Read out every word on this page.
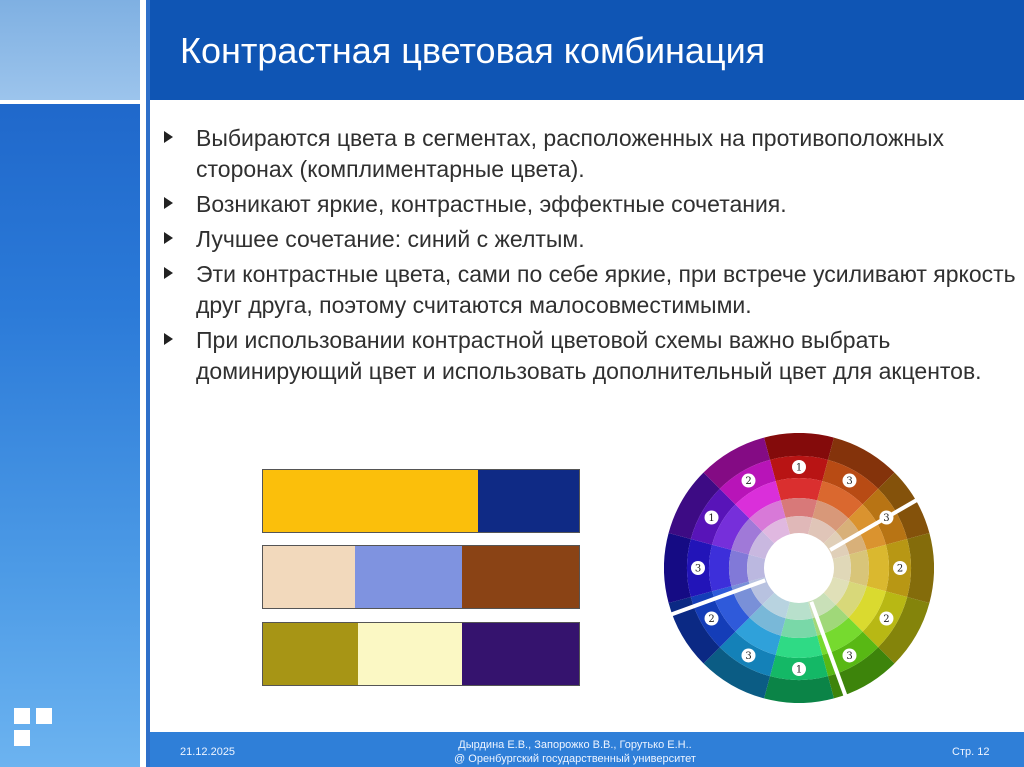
Контрастная цветовая комбинация
Выбираются цвета в сегментах, расположенных на противоположных сторонах (комплиментарные цвета).
Возникают яркие, контрастные, эффектные сочетания.
Лучшее сочетание: синий с желтым.
Эти контрастные цвета, сами по себе яркие, при встрече усиливают яркость друг друга, поэтому считаются малосовместимыми.
При использовании контрастной цветовой схемы важно выбрать доминирующий цвет и использовать дополнительный цвет для акцентов.
1
3
3
2
2
3
1
3
2
3
1
2
21.12.2025
Дырдина Е.В., Запорожко В.В., Горутько Е.Н..
@ Оренбургский государственный университет
Стр. 12
